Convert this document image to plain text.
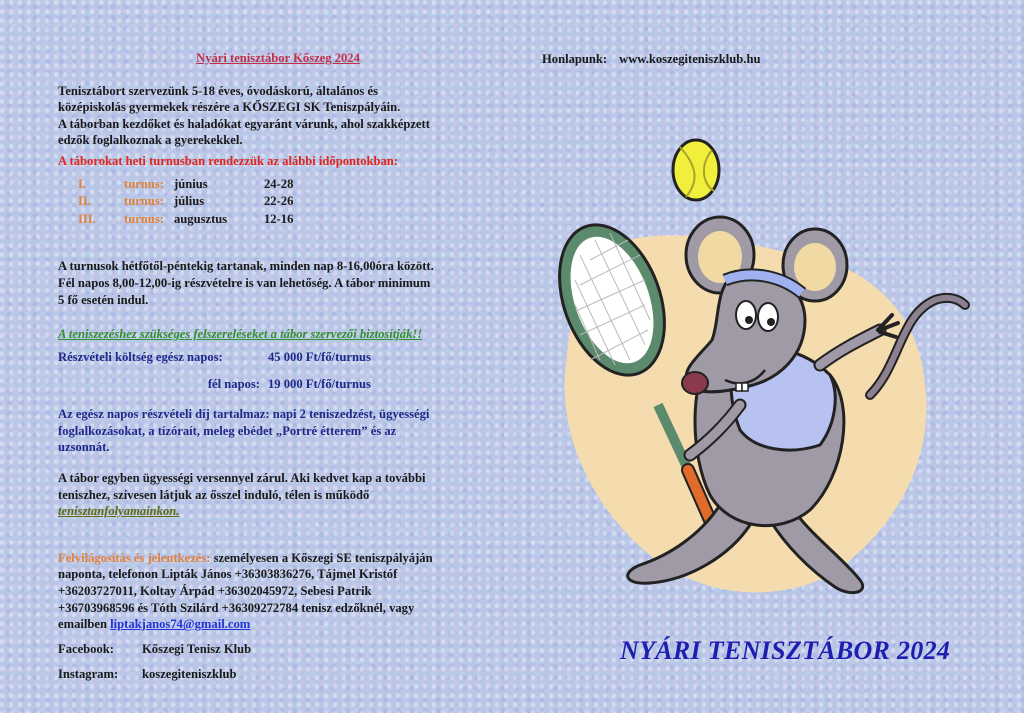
Nyári tenisztábor Kőszeg 2024

Tenisztábort szervezünk 5-18 éves, óvodáskorú, általános és

középiskolás gyermekek részére a KŐSZEGI SK Teniszpályáin.

A táborban kezdőket és haladókat egyaránt várunk, ahol szakképzett

edzők foglalkoznak a gyerekekkel.

A táborokat heti turnusban rendezzük az alábbi időpontokban:

I.	turnus:	június	24-28
II.	turnus:	július	22-26
III.	turnus:	augusztus	12-16

A turnusok hétfőtől-péntekig tartanak, minden nap 8-16,00óra között.

Fél napos 8,00-12,00-ig részvételre is van lehetőség. A tábor minimum

5 fő esetén indul.

A teniszezéshez szükséges felszereléseket a tábor szervezői biztosítják!!

Részvételi költség egész napos:	45 000 Ft/fő/turnus
fél napos: 19 000 Ft/fő/turnus

Az egész napos részvételi díj tartalmaz: napi 2 teniszedzést, ügyességi

foglalkozásokat, a tízóraít, meleg ebédet „Portré étterem” és az

uzsonnát.

A tábor egyben ügyességi versennyel zárul. Aki kedvet kap a további

teniszhez, szívesen látjuk az ősszel induló, télen is működő

tenisztanfolyamainkon.

Felvilágosítás és jelentkezés: személyesen a Kőszegi SE teniszpályáján

naponta, telefonon Lipták János +36303836276, Tájmel Kristóf

+36203727011, Koltay Árpád +36302045972, Sebesi Patrik

+36703968596 és Tóth Szilárd +36309272784 tenisz edzőknél, vagy

emailben liptakjanos74@gmail.com

Facebook:	Kőszegi Tenisz Klub
Instagram:	koszegiteniszklub
Honlapunk: www.koszegiteniszklub.hu
NYÁRI TENISZTÁBOR 2024
